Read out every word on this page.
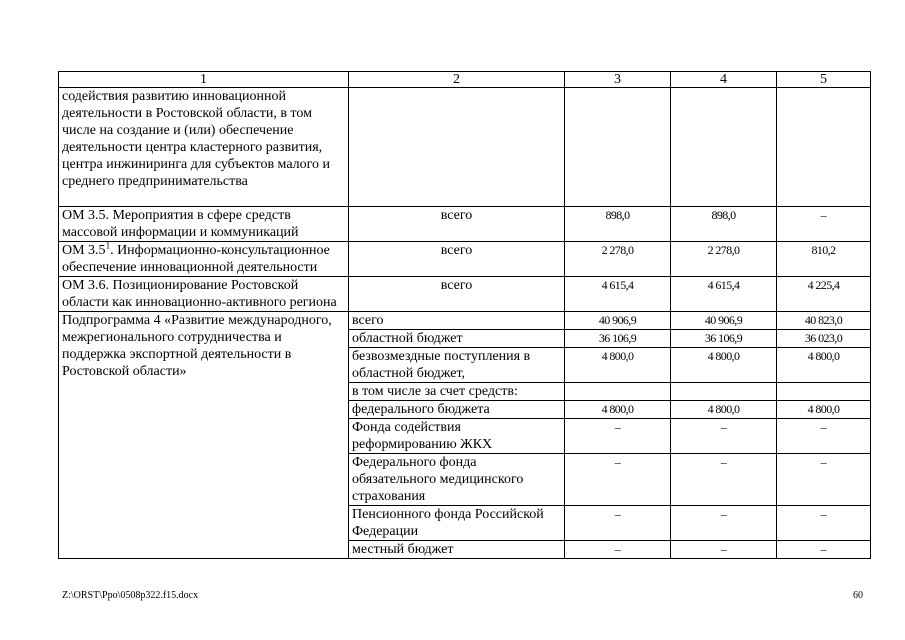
1	2	3	4	5
содействия развитию инновационной деятельности в Ростовской области, в том числе на создание и (или) обеспечение деятельности центра кластерного развития, центра инжиниринга для субъектов малого и среднего предпринимательства				
ОМ 3.5. Мероприятия в сфере средств массовой информации и коммуникаций	всего	898,0	898,0	–
ОМ $3.5^1$. Информационно-консультационное обеспечение инновационной деятельности	всего	2 278,0	2 278,0	810,2
ОМ 3.6. Позиционирование Ростовской области как инновационно-активного региона	всего	4 615,4	4 615,4	4 225,4
Подпрограмма 4 «Развитие международного, межрегионального сотрудничества и поддержка экспортной деятельности в Ростовской области»	всего	40 906,9	40 906,9	40 823,0
	областной бюджет	36 106,9	36 106,9	36 023,0
	безвозмездные поступления в областной бюджет,	4 800,0	4 800,0	4 800,0
	в том числе за счет средств:			
	федерального бюджета	4 800,0	4 800,0	4 800,0
	Фонда содействия реформированию ЖКХ	–	–	–
	Федерального фонда обязательного медицинского страхования	–	–	–
	Пенсионного фонда Российской Федерации	–	–	–
	местный бюджет	–	–	–
Z:\ORST\Ppo\0508p322.f15.docx	60
